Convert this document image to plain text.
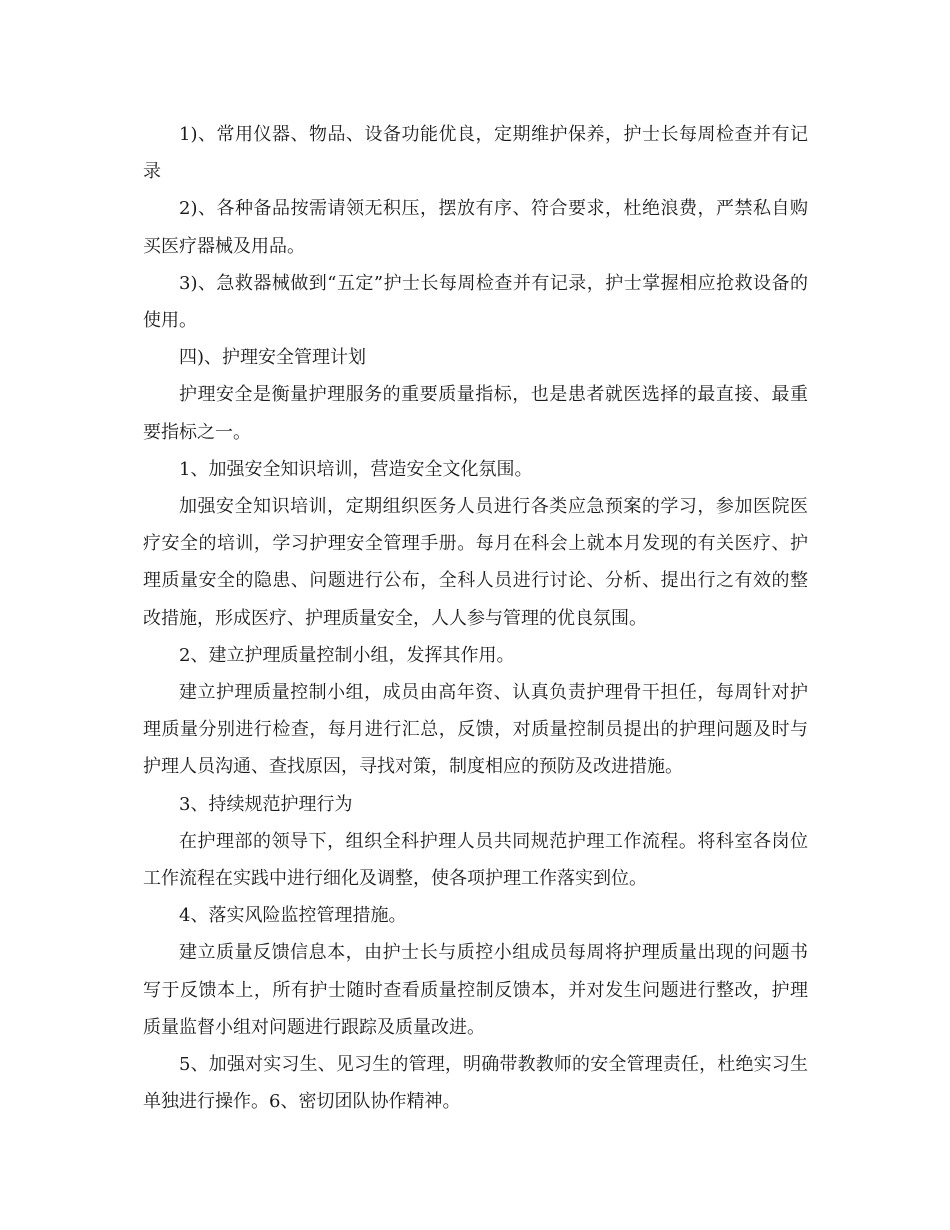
1)、常用仪器、物品、设备功能优良，定期维护保养，护士长每周检查并有记录

2)、各种备品按需请领无积压，摆放有序、符合要求，杜绝浪费，严禁私自购买医疗器械及用品。

3)、急救器械做到“五定”护士长每周检查并有记录，护士掌握相应抢救设备的使用。

四)、护理安全管理计划

护理安全是衡量护理服务的重要质量指标，也是患者就医选择的最直接、最重要指标之一。

1、加强安全知识培训，营造安全文化氛围。

加强安全知识培训，定期组织医务人员进行各类应急预案的学习，参加医院医疗安全的培训，学习护理安全管理手册。每月在科会上就本月发现的有关医疗、护理质量安全的隐患、问题进行公布，全科人员进行讨论、分析、提出行之有效的整改措施，形成医疗、护理质量安全，人人参与管理的优良氛围。

2、建立护理质量控制小组，发挥其作用。

建立护理质量控制小组，成员由高年资、认真负责护理骨干担任，每周针对护理质量分别进行检查，每月进行汇总，反馈，对质量控制员提出的护理问题及时与护理人员沟通、查找原因，寻找对策，制度相应的预防及改进措施。

3、持续规范护理行为

在护理部的领导下，组织全科护理人员共同规范护理工作流程。将科室各岗位工作流程在实践中进行细化及调整，使各项护理工作落实到位。

4、落实风险监控管理措施。

建立质量反馈信息本，由护士长与质控小组成员每周将护理质量出现的问题书写于反馈本上，所有护士随时查看质量控制反馈本，并对发生问题进行整改，护理质量监督小组对问题进行跟踪及质量改进。

5、加强对实习生、见习生的管理，明确带教教师的安全管理责任，杜绝实习生单独进行操作。6、密切团队协作精神。
